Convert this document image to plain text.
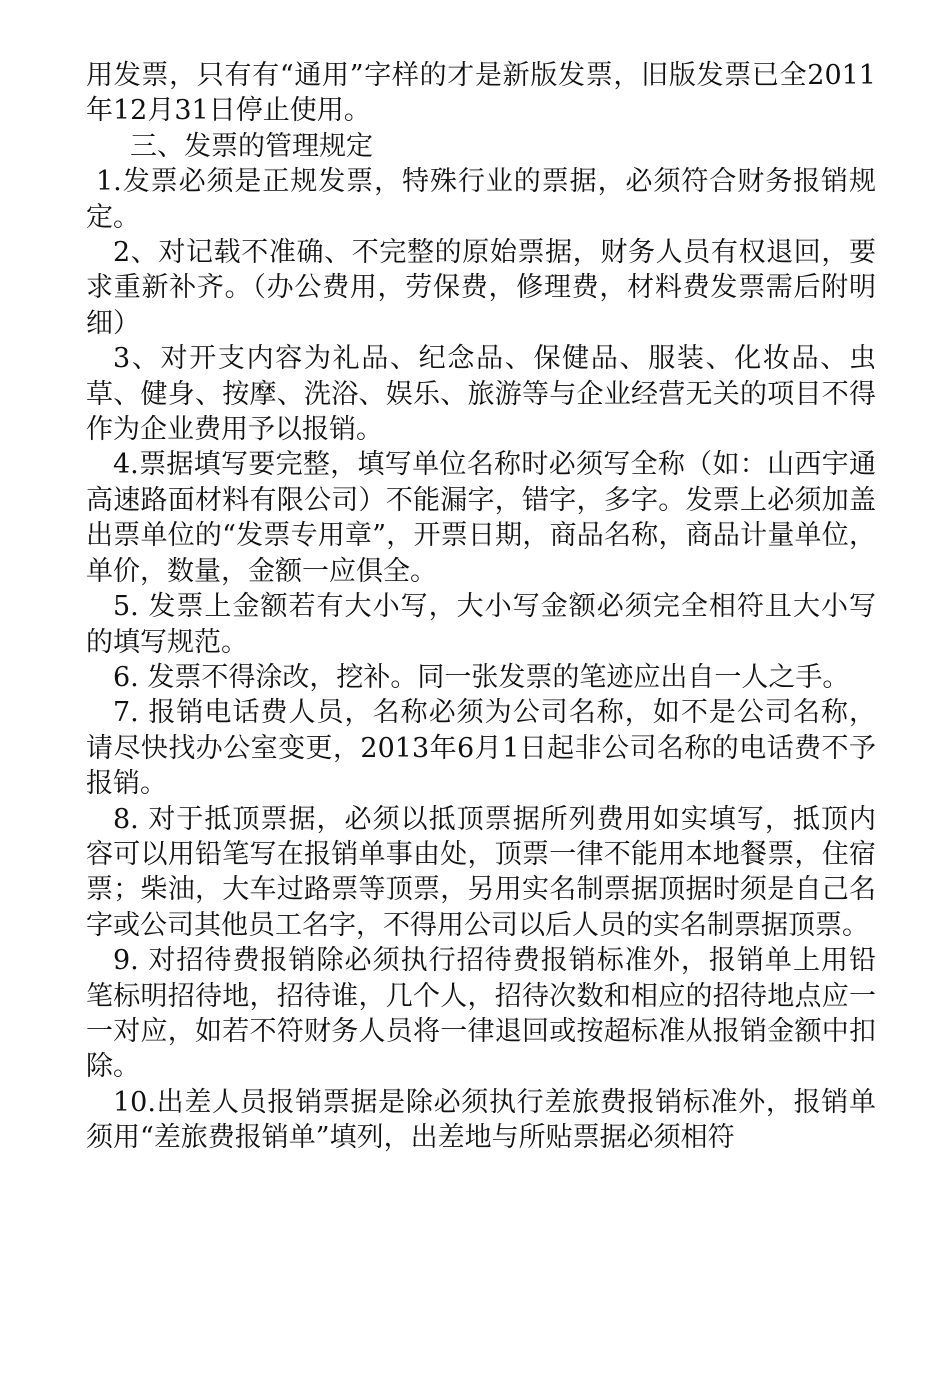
用发票，只有有“通用”字样的才是新版发票，旧版发票已全2011年12月31日停止使用。

三、发票的管理规定

1.发票必须是正规发票，特殊行业的票据，必须符合财务报销规定。

2、对记载不准确、不完整的原始票据，财务人员有权退回，要求重新补齐。（办公费用，劳保费，修理费，材料费发票需后附明细）

3、对开支内容为礼品、纪念品、保健品、服装、化妆品、虫草、健身、按摩、洗浴、娱乐、旅游等与企业经营无关的项目不得作为企业费用予以报销。

4.票据填写要完整，填写单位名称时必须写全称（如：山西宇通高速路面材料有限公司）不能漏字，错字，多字。发票上必须加盖出票单位的“发票专用章”，开票日期，商品名称，商品计量单位，单价，数量，金额一应俱全。

5. 发票上金额若有大小写，大小写金额必须完全相符且大小写的填写规范。

6. 发票不得涂改，挖补。同一张发票的笔迹应出自一人之手。

7. 报销电话费人员，名称必须为公司名称，如不是公司名称，请尽快找办公室变更，2013年6月1日起非公司名称的电话费不予报销。

8. 对于抵顶票据，必须以抵顶票据所列费用如实填写，抵顶内容可以用铅笔写在报销单事由处，顶票一律不能用本地餐票，住宿票；柴油，大车过路票等顶票，另用实名制票据顶据时须是自己名字或公司其他员工名字，不得用公司以后人员的实名制票据顶票。

9. 对招待费报销除必须执行招待费报销标准外，报销单上用铅笔标明招待地，招待谁，几个人，招待次数和相应的招待地点应一一对应，如若不符财务人员将一律退回或按超标准从报销金额中扣除。

10.出差人员报销票据是除必须执行差旅费报销标准外，报销单须用“差旅费报销单”填列，出差地与所贴票据必须相符
